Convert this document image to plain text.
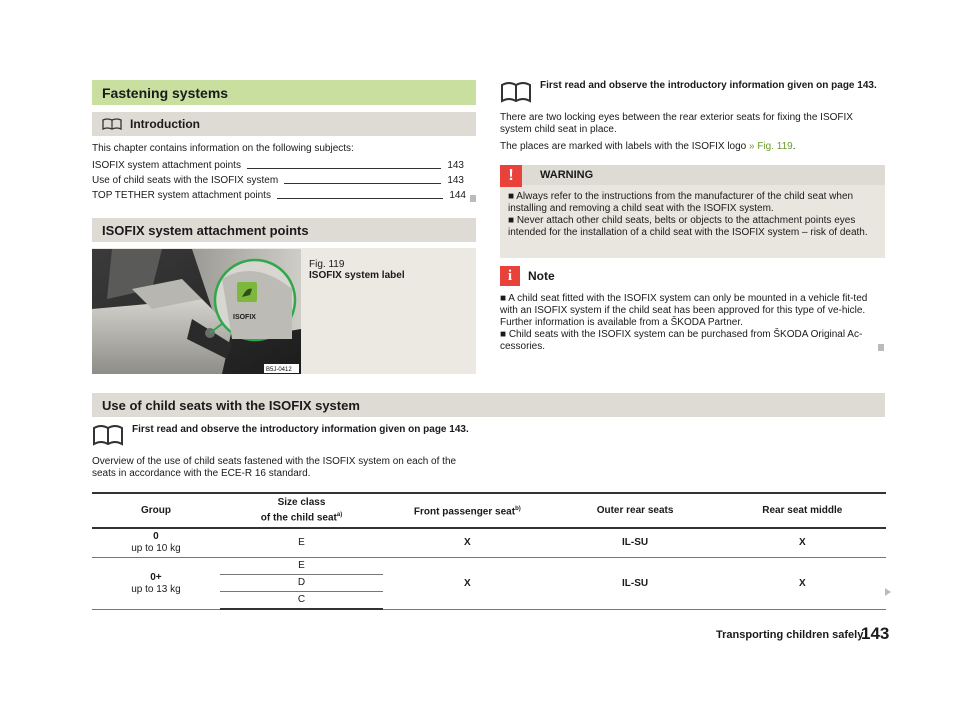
Fastening systems
Introduction
This chapter contains information on the following subjects:
ISOFIX system attachment points	143
Use of child seats with the ISOFIX system	143
TOP TETHER system attachment points	144
ISOFIX system attachment points
ISOFIX
B5J-0412
Fig. 119
ISOFIX system label
First read and observe the introductory information given on page 143.
There are two locking eyes between the rear exterior seats for fixing the ISOFIX system child seat in place.
The places are marked with labels with the ISOFIX logo » Fig. 119.
!	WARNING
■ Always refer to the instructions from the manufacturer of the child seat when installing and removing a child seat with the ISOFIX system.
■ Never attach other child seats, belts or objects to the attachment points eyes intended for the installation of a child seat with the ISOFIX system – risk of death.
i	Note
■ A child seat fitted with the ISOFIX system can only be mounted in a vehicle fit-ted with an ISOFIX system if the child seat has been approved for this type of ve-hicle. Further information is available from a ŠKODA Partner.
■ Child seats with the ISOFIX system can be purchased from ŠKODA Original Ac-cessories.
Use of child seats with the ISOFIX system
First read and observe the introductory information given on page 143.
Overview of the use of child seats fastened with the ISOFIX system on each of the seats in accordance with the ECE-R 16 standard.
Group	Size class
of the child seat$^{a)}$	Front passenger seat$^{b)}$	Outer rear seats	Rear seat middle
0
up to 10 kg	E	X	IL-SU	X
0+
up to 13 kg	E	X	IL-SU	X
	D			
	C			
Transporting children safely
143
